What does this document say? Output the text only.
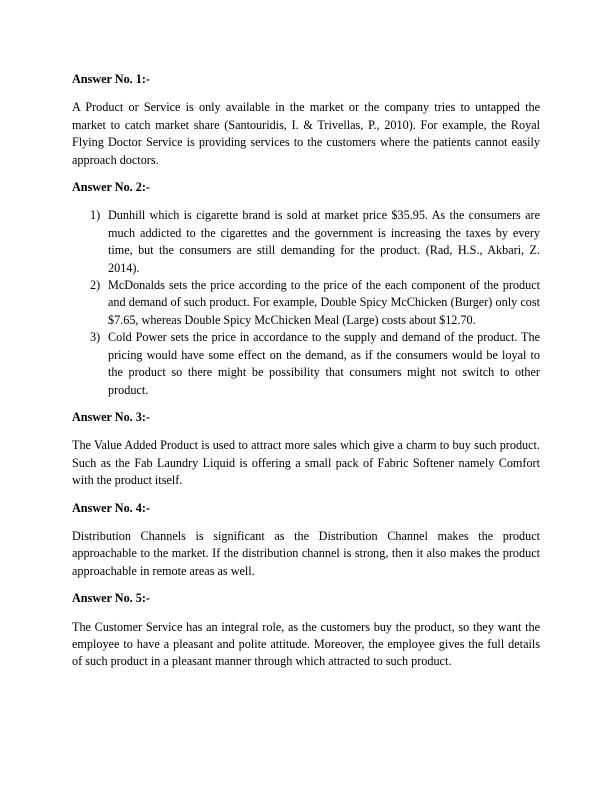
Answer No. 1:-

A Product or Service is only available in the market or the company tries to untapped the market to catch market share (Santouridis, I. & Trivellas, P., 2010). For example, the Royal Flying Doctor Service is providing services to the customers where the patients cannot easily approach doctors.

Answer No. 2:-
1) Dunhill which is cigarette brand is sold at market price $35.95. As the consumers are much addicted to the cigarettes and the government is increasing the taxes by every time, but the consumers are still demanding for the product. (Rad, H.S., Akbari, Z. 2014).
2) McDonalds sets the price according to the price of the each component of the product and demand of such product. For example, Double Spicy McChicken (Burger) only cost $7.65, whereas Double Spicy McChicken Meal (Large) costs about $12.70.
3) Cold Power sets the price in accordance to the supply and demand of the product. The pricing would have some effect on the demand, as if the consumers would be loyal to the product so there might be possibility that consumers might not switch to other product.
Answer No. 3:-

The Value Added Product is used to attract more sales which give a charm to buy such product. Such as the Fab Laundry Liquid is offering a small pack of Fabric Softener namely Comfort with the product itself.

Answer No. 4:-

Distribution Channels is significant as the Distribution Channel makes the product approachable to the market. If the distribution channel is strong, then it also makes the product approachable in remote areas as well.

Answer No. 5:-

The Customer Service has an integral role, as the customers buy the product, so they want the employee to have a pleasant and polite attitude. Moreover, the employee gives the full details of such product in a pleasant manner through which attracted to such product.
